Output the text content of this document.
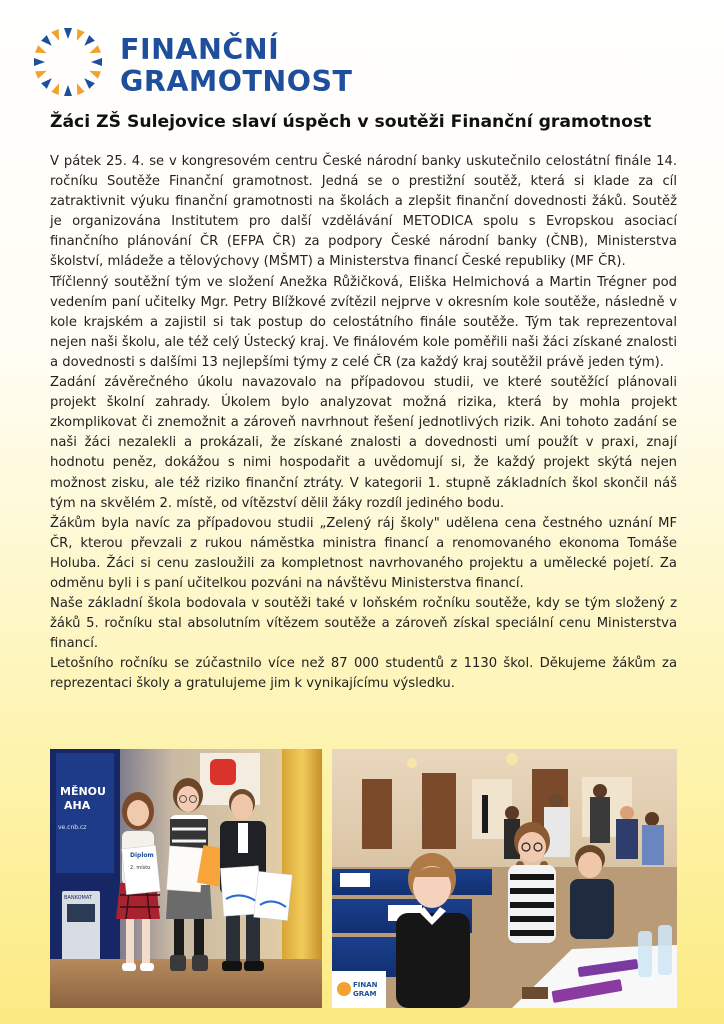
FINANČNÍ
GRAMOTNOST
Žáci ZŠ Sulejovice slaví úspěch v soutěži Finanční gramotnost

V pátek 25. 4. se v kongresovém centru České národní banky uskutečnilo celostátní finále 14. ročníku Soutěže Finanční gramotnost. Jedná se o prestižní soutěž, která si klade za cíl zatraktivnit výuku finanční gramotnosti na školách a zlepšit finanční dovednosti žáků. Soutěž je organizována Institutem pro další vzdělávání METODICA spolu s Evropskou asociací finančního plánování ČR (EFPA ČR) za podpory České národní banky (ČNB), Ministerstva školství, mládeže a tělovýchovy (MŠMT) a Ministerstva financí České republiky (MF ČR).

Tříčlenný soutěžní tým ve složení Anežka Růžičková, Eliška Helmichová a Martin Trégner pod vedením paní učitelky Mgr. Petry Blížkové zvítězil nejprve v okresním kole soutěže, následně v kole krajském a zajistil si tak postup do celostátního finále soutěže. Tým tak reprezentoval nejen naši školu, ale též celý Ústecký kraj. Ve finálovém kole poměřili naši žáci získané znalosti a dovednosti s dalšími 13 nejlepšími týmy z celé ČR (za každý kraj soutěžil právě jeden tým).

Zadání závěrečného úkolu navazovalo na případovou studii, ve které soutěžící plánovali projekt školní zahrady. Úkolem bylo analyzovat možná rizika, která by mohla projekt zkomplikovat či znemožnit a zároveň navrhnout řešení jednotlivých rizik. Ani tohoto zadání se naši žáci nezalekli a prokázali, že získané znalosti a dovednosti umí použít v praxi, znají hodnotu peněz, dokážou s nimi hospodařit a uvědomují si, že každý projekt skýtá nejen možnost zisku, ale též riziko finanční ztráty. V kategorii 1. stupně základních škol skončil náš tým na skvělém 2. místě, od vítězství dělil žáky rozdíl jediného bodu.

Žákům byla navíc za případovou studii „Zelený ráj školy" udělena cena čestného uznání MF ČR, kterou převzali z rukou náměstka ministra financí a renomovaného ekonoma Tomáše Holuba. Žáci si cenu zasloužili za kompletnost navrhovaného projektu a umělecké pojetí. Za odměnu byli i s paní učitelkou pozváni na návštěvu Ministerstva financí.

Naše základní škola bodovala v soutěži také v loňském ročníku soutěže, kdy se tým složený z žáků 5. ročníku stal absolutním vítězem soutěže a zároveň získal speciální cenu Ministerstva financí.

Letošního ročníku se zúčastnilo více než 87 000 studentů z 1130 škol. Děkujeme žákům za reprezentaci školy a gratulujeme jim k vynikajícímu výsledku.

MĚNOU
AHA
ve.cnb.cz
BANKOMAT
Diplom
2. místo
FINAN
GRAM
